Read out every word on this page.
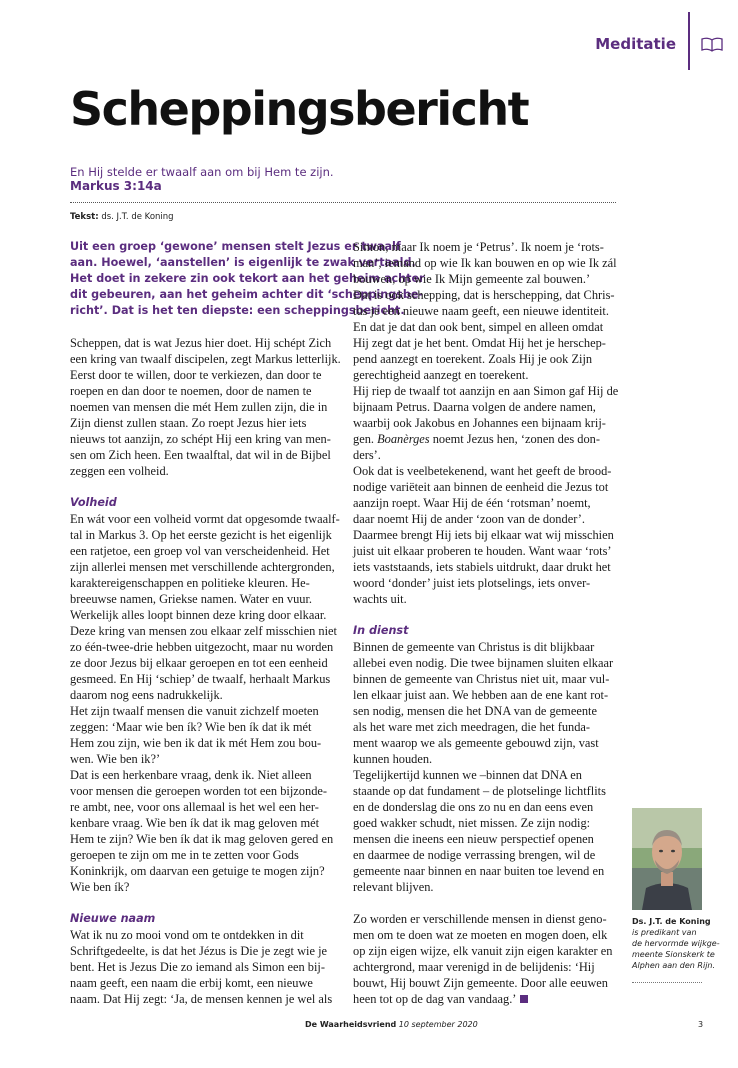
Meditatie
Scheppingsbericht
En Hij stelde er twaalf aan om bij Hem te zijn.
Markus 3:14a
Tekst: ds. J.T. de Koning

Uit een groep ‘gewone’ mensen stelt Jezus er twaalf

aan. Hoewel, ‘aanstellen’ is eigenlijk te zwak vertaald.

Het doet in zekere zin ook tekort aan het geheim achter

dit gebeuren, aan het geheim achter dit ‘scheppingsbe-

richt’. Dat is het ten diepste: een scheppingsbericht.

Scheppen, dat is wat Jezus hier doet. Hij schépt Zich

een kring van twaalf discipelen, zegt Markus letterlijk.

Eerst door te willen, door te verkiezen, dan door te

roepen en dan door te noemen, door de namen te

noemen van mensen die mét Hem zullen zijn, die in

Zijn dienst zullen staan. Zo roept Jezus hier iets

nieuws tot aanzijn, zo schépt Hij een kring van men-

sen om Zich heen. Een twaalftal, dat wil in de Bijbel

zeggen een volheid.

Volheid

En wát voor een volheid vormt dat opgesomde twaalf-

tal in Markus 3. Op het eerste gezicht is het eigenlijk

een ratjetoe, een groep vol van verscheidenheid. Het

zijn allerlei mensen met verschillende achtergronden,

karaktereigenschappen en politieke kleuren. He-

breeuwse namen, Griekse namen. Water en vuur.

Werkelijk alles loopt binnen deze kring door elkaar.

Deze kring van mensen zou elkaar zelf misschien niet

zo één-twee-drie hebben uitgezocht, maar nu worden

ze door Jezus bij elkaar geroepen en tot een eenheid

gesmeed. En Hij ‘schiep’ de twaalf, herhaalt Markus

daarom nog eens nadrukkelijk.

Het zijn twaalf mensen die vanuit zichzelf moeten

zeggen: ‘Maar wie ben ík? Wie ben ík dat ik mét

Hem zou zijn, wie ben ik dat ik mét Hem zou bou-

wen. Wie ben ik?’

Dat is een herkenbare vraag, denk ik. Niet alleen

voor mensen die geroepen worden tot een bijzonde-

re ambt, nee, voor ons allemaal is het wel een her-

kenbare vraag. Wie ben ík dat ik mag geloven mét

Hem te zijn? Wie ben ík dat ik mag geloven gered en

geroepen te zijn om me in te zetten voor Gods

Koninkrijk, om daarvan een getuige te mogen zijn?

Wie ben ík?

Nieuwe naam

Wat ik nu zo mooi vond om te ontdekken in dit

Schriftgedeelte, is dat het Jézus is Die je zegt wie je

bent. Het is Jezus Die zo iemand als Simon een bij-

naam geeft, een naam die erbij komt, een nieuwe

naam. Dat Hij zegt: ‘Ja, de mensen kennen je wel als

Simon, maar Ik noem je ‘Petrus’. Ik noem je ‘rots-

man’, iemand op wie Ik kan bouwen en op wie Ik zál

bouwen, op wie Ik Mijn gemeente zal bouwen.’

Dat is ook schepping, dat is herschepping, dat Chris-

tus je een nieuwe naam geeft, een nieuwe identiteit.

En dat je dat dan ook bent, simpel en alleen omdat

Hij zegt dat je het bent. Omdat Hij het je herschep-

pend aanzegt en toerekent. Zoals Hij je ook Zijn

gerechtigheid aanzegt en toerekent.

Hij riep de twaalf tot aanzijn en aan Simon gaf Hij de

bijnaam Petrus. Daarna volgen de andere namen,

waarbij ook Jakobus en Johannes een bijnaam krij-

gen. Boanèrges noemt Jezus hen, ‘zonen des don-

ders’.

Ook dat is veelbetekenend, want het geeft de brood-

nodige variëteit aan binnen de eenheid die Jezus tot

aanzijn roept. Waar Hij de één ‘rotsman’ noemt,

daar noemt Hij de ander ‘zoon van de donder’.

Daarmee brengt Hij iets bij elkaar wat wij misschien

juist uit elkaar proberen te houden. Want waar ‘rots’

iets vaststaands, iets stabiels uitdrukt, daar drukt het

woord ‘donder’ juist iets plotselings, iets onver-

wachts uit.

In dienst

Binnen de gemeente van Christus is dit blijkbaar

allebei even nodig. Die twee bijnamen sluiten elkaar

binnen de gemeente van Christus niet uit, maar vul-

len elkaar juist aan. We hebben aan de ene kant rot-

sen nodig, mensen die het DNA van de gemeente

als het ware met zich meedragen, die het funda-

ment waarop we als gemeente gebouwd zijn, vast

kunnen houden.

Tegelijkertijd kunnen we –binnen dat DNA en

staande op dat fundament – de plotselinge lichtflits

en de donderslag die ons zo nu en dan eens even

goed wakker schudt, niet missen. Ze zijn nodig:

mensen die ineens een nieuw perspectief openen

en daarmee de nodige verrassing brengen, wil de

gemeente naar binnen en naar buiten toe levend en

relevant blijven.

Zo worden er verschillende mensen in dienst geno-

men om te doen wat ze moeten en mogen doen, elk

op zijn eigen wijze, elk vanuit zijn eigen karakter en

achtergrond, maar verenigd in de belijdenis: ‘Hij

bouwt, Hij bouwt Zijn gemeente. Door alle eeuwen

heen tot op de dag van vandaag.’

Ds. J.T. de Koning
is predikant van
de hervormde wijkge-
meente Sionskerk te
Alphen aan den Rijn.
De Waarheidsvriend 10 september 2020	3
